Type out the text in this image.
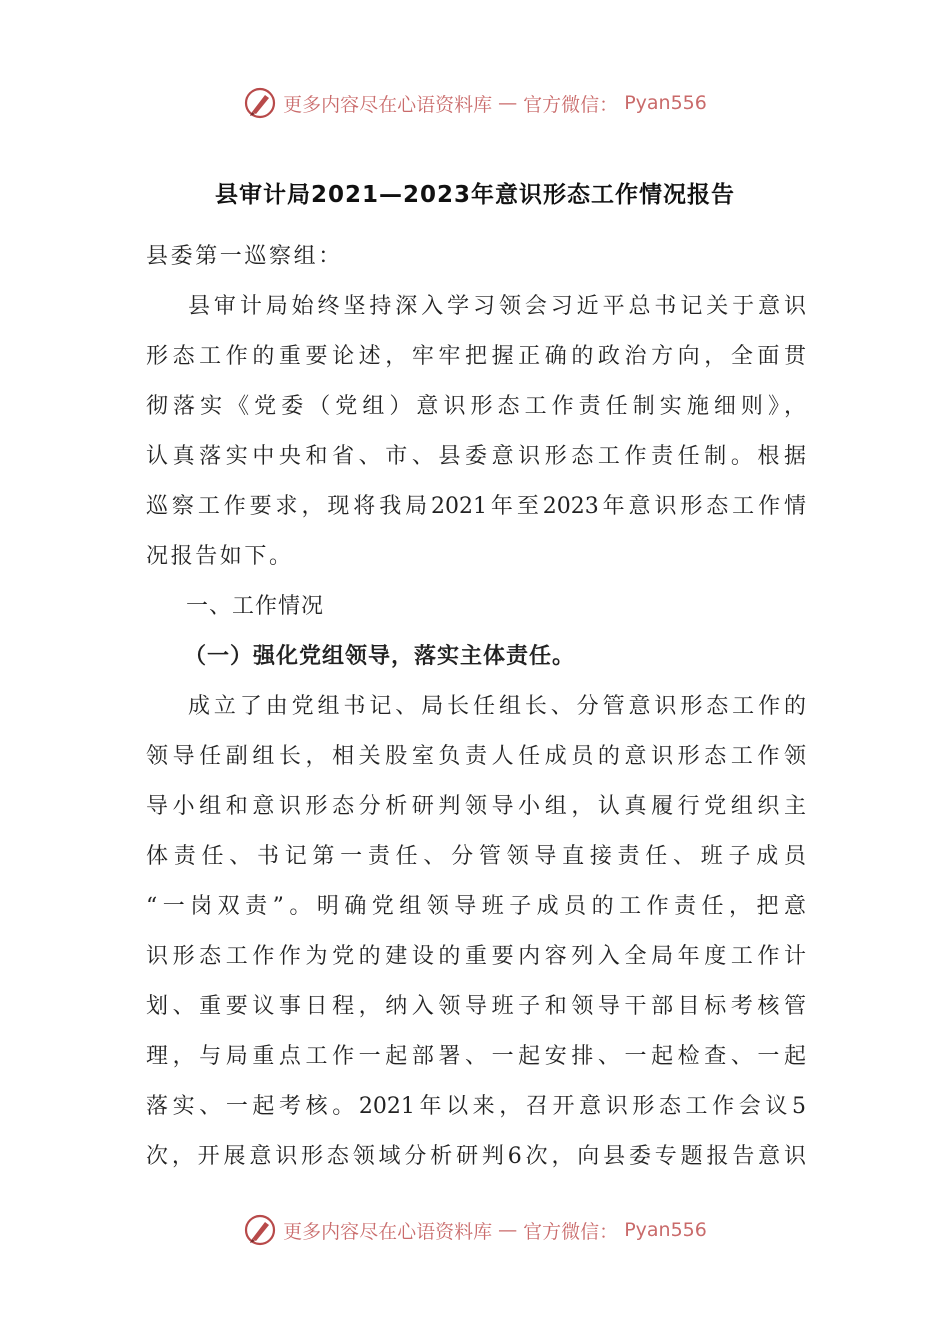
更多内容尽在心语资料库 — 官方微信： Pyan556
县审计局2021—2023年意识形态工作情况报告
县委第一巡察组：
县审计局始终坚持深入学习领会习近平总书记关于意识
形态工作的重要论述，牢牢把握正确的政治方向，全面贯
彻落实《党委（党组）意识形态工作责任制实施细则》，
认真落实中央和省、市、县委意识形态工作责任制。根据
巡察工作要求，现将我局2021年至2023年意识形态工作情
况报告如下。
一、工作情况
（一）强化党组领导，落实主体责任。
成立了由党组书记、局长任组长、分管意识形态工作的
领导任副组长，相关股室负责人任成员的意识形态工作领
导小组和意识形态分析研判领导小组，认真履行党组织主
体责任、书记第一责任、分管领导直接责任、班子成员
“一岗双责”。明确党组领导班子成员的工作责任，把意
识形态工作作为党的建设的重要内容列入全局年度工作计
划、重要议事日程，纳入领导班子和领导干部目标考核管
理，与局重点工作一起部署、一起安排、一起检查、一起
落实、一起考核。2021年以来，召开意识形态工作会议5
次，开展意识形态领域分析研判6次，向县委专题报告意识
更多内容尽在心语资料库 — 官方微信： Pyan556
